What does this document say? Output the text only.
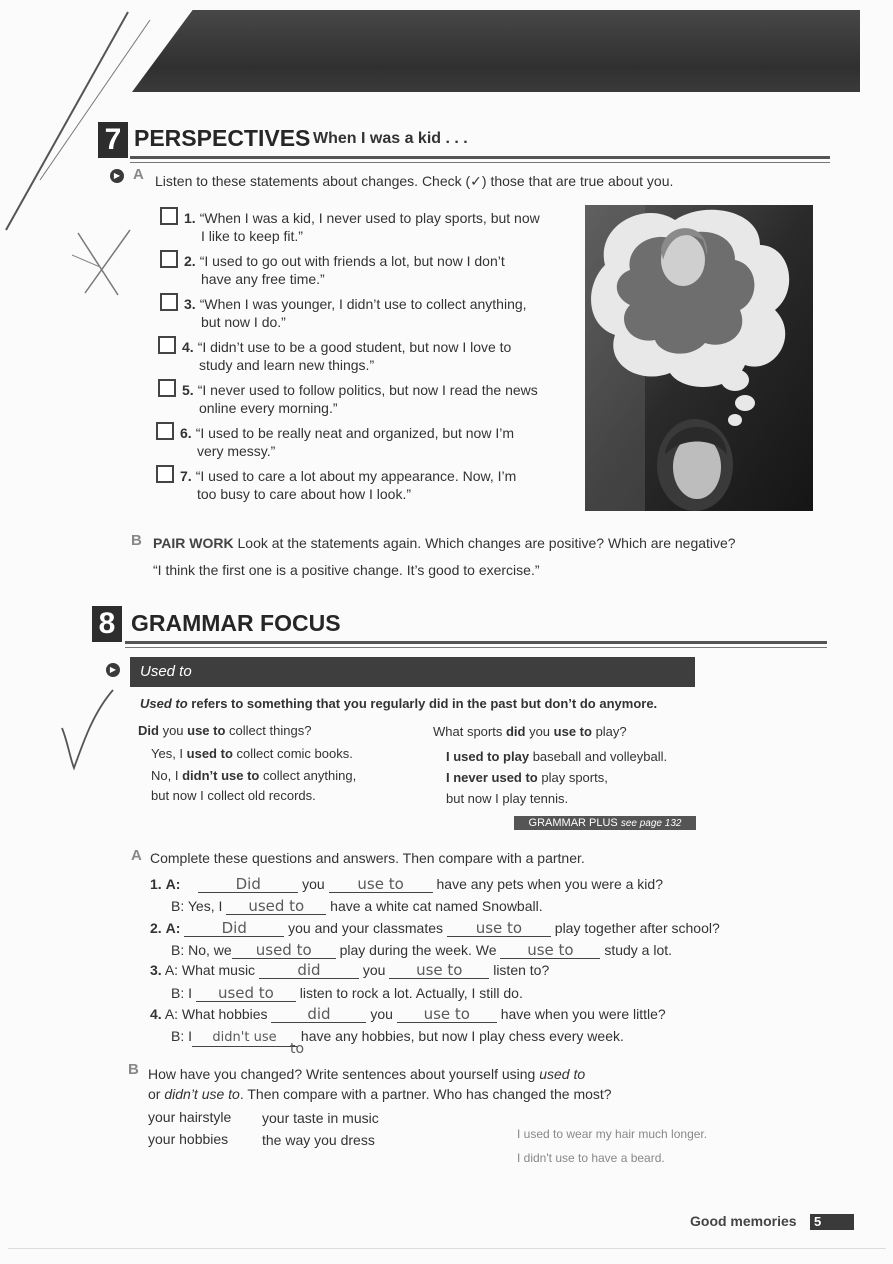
7 PERSPECTIVES When I was a kid . . .
▶ A Listen to these statements about changes. Check (✓) those that are true about you.
1. “When I was a kid, I never used to play sports, but now
I like to keep fit.”
2. “I used to go out with friends a lot, but now I don’t
have any free time.”
3. “When I was younger, I didn’t use to collect anything,
but now I do.”
4. “I didn’t use to be a good student, but now I love to
study and learn new things.”
5. “I never used to follow politics, but now I read the news
online every morning.”
6. “I used to be really neat and organized, but now I’m
very messy.”
7. “I used to care a lot about my appearance. Now, I’m
too busy to care about how I look.”
B PAIR WORK Look at the statements again. Which changes are positive? Which are negative?
“I think the first one is a positive change. It’s good to exercise.”
8 GRAMMAR FOCUS
▶	Used to
Used to refers to something that you regularly did in the past but don’t do anymore.
Did you use to collect things?
Yes, I used to collect comic books.
No, I didn’t use to collect anything,
but now I collect old records.
What sports did you use to play?
I used to play baseball and volleyball.
I never used to play sports,
but now I play tennis.
GRAMMAR PLUS see page 132
A Complete these questions and answers. Then compare with a partner.
1. A:	Did	you use to have any pets when you were a kid?
B: Yes, I used to have a white cat named Snowball.
2. A:	Did	you and your classmates use to play together after school?
B: No, we used to play during the week. We use to study a lot.
3. A: What music	did	you use to listen to?
B: I used to listen to rock a lot. Actually, I still do.
4. A: What hobbies	did	you use to have when you were little?
B: I didn't use have any hobbies, but now I play chess every week.
to
B How have you changed? Write sentences about yourself using used to
or didn’t use to. Then compare with a partner. Who has changed the most?
your hairstyle your taste in music
your hobbies the way you dress	I used to wear my hair much longer.
I didn't use to have a beard.
Good memories	5
